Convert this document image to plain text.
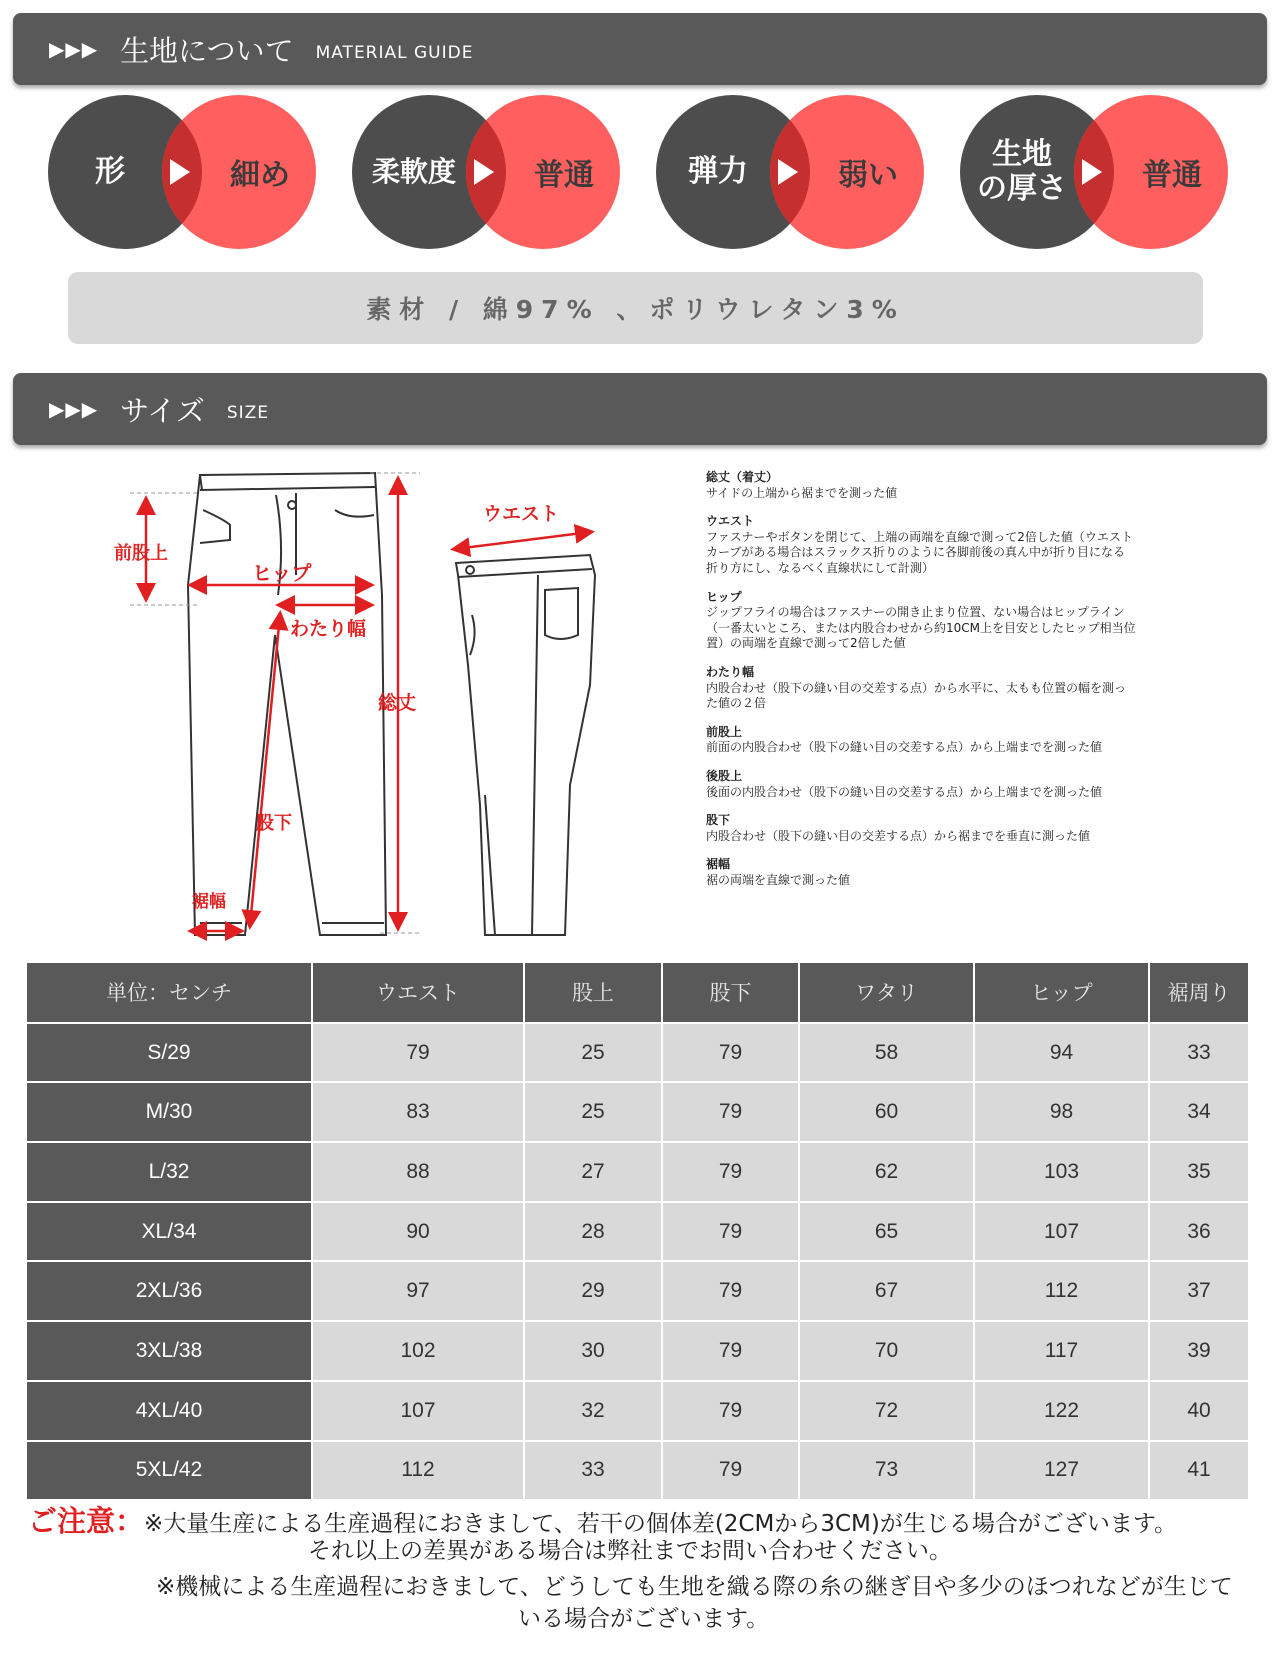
▶▶▶ 生地について MATERIAL GUIDE
形	細め	柔軟度	普通	弾力	弱い
生地
の厚さ	普通
素材 / 綿97% 、ポリウレタン3%
▶▶▶ サイズ SIZE
前股上
ヒップ
わたり幅
総丈
股下
裾幅
ウエスト
総丈（着丈）
サイドの上端から裾までを測った値
ウエスト
ファスナーやボタンを閉じて、上端の両端を直線で測って2倍した値（ウエストカーブがある場合はスラックス折りのように各脚前後の真ん中が折り目になる折り方にし、なるべく直線状にして計測）
ヒップ
ジップフライの場合はファスナーの開き止まり位置、ない場合はヒップライン（一番太いところ、または内股合わせから約10CM上を目安としたヒップ相当位置）の両端を直線で測って2倍した値
わたり幅
内股合わせ（股下の縫い目の交差する点）から水平に、太もも位置の幅を測った値の２倍
前股上
前面の内股合わせ（股下の縫い目の交差する点）から上端までを測った値
後股上
後面の内股合わせ（股下の縫い目の交差する点）から上端までを測った値
股下
内股合わせ（股下の縫い目の交差する点）から裾までを垂直に測った値
裾幅
裾の両端を直線で測った値
単位：センチ	ウエスト	股上	股下	ワタリ	ヒップ	裾周り
S/29	79	25	79	58	94	33
M/30	83	25	79	60	98	34
L/32	88	27	79	62	103	35
XL/34	90	28	79	65	107	36
2XL/36	97	29	79	67	112	37
3XL/38	102	30	79	70	117	39
4XL/40	107	32	79	72	122	40
5XL/42	112	33	79	73	127	41
ご注意：※大量生産による生産過程におきまして、若干の個体差(2CMから3CM)が生じる場合がございます。
それ以上の差異がある場合は弊社までお問い合わせください。
※機械による生産過程におきまして、どうしても生地を織る際の糸の継ぎ目や多少のほつれなどが生じて
いる場合がございます。
